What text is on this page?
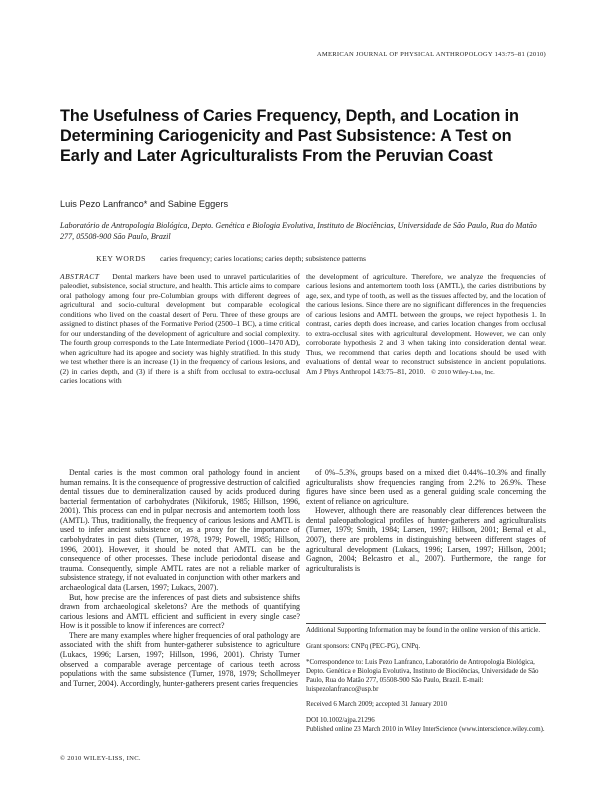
AMERICAN JOURNAL OF PHYSICAL ANTHROPOLOGY 143:75–81 (2010)
The Usefulness of Caries Frequency, Depth, and Location in Determining Cariogenicity and Past Subsistence: A Test on Early and Later Agriculturalists From the Peruvian Coast
Luis Pezo Lanfranco* and Sabine Eggers
Laboratório de Antropologia Biológica, Depto. Genética e Biologia Evolutiva, Instituto de Biociências, Universidade de São Paulo, Rua do Matão 277, 05508-900 São Paulo, Brazil
KEY WORDS caries frequency; caries locations; caries depth; subsistence patterns
ABSTRACT Dental markers have been used to unravel particularities of paleodiet, subsistence, social structure, and health. This article aims to compare oral pathology among four pre-Columbian groups with different degrees of agricultural and socio-cultural development but comparable ecological conditions who lived on the coastal desert of Peru. Three of these groups are assigned to distinct phases of the Formative Period (2500–1 BC), a time critical for our understanding of the development of agriculture and social complexity. The fourth group corresponds to the Late Intermediate Period (1000–1470 AD), when agriculture had its apogee and society was highly stratified. In this study we test whether there is an increase (1) in the frequency of carious lesions, and (2) in caries depth, and (3) if there is a shift from occlusal to extra-occlusal caries locations with
the development of agriculture. Therefore, we analyze the frequencies of carious lesions and antemortem tooth loss (AMTL), the caries distributions by age, sex, and type of tooth, as well as the tissues affected by, and the location of the carious lesions. Since there are no significant differences in the frequencies of carious lesions and AMTL between the groups, we reject hypothesis 1. In contrast, caries depth does increase, and caries location changes from occlusal to extra-occlusal sites with agricultural development. However, we can only corroborate hypothesis 2 and 3 when taking into consideration dental wear. Thus, we recommend that caries depth and locations should be used with evaluations of dental wear to reconstruct subsistence in ancient populations. Am J Phys Anthropol 143:75–81, 2010. © 2010 Wiley-Liss, Inc.

Dental caries is the most common oral pathology found in ancient human remains. It is the consequence of progressive destruction of calcified dental tissues due to demineralization caused by acids produced during bacterial fermentation of carbohydrates (Nikiforuk, 1985; Hillson, 1996, 2001). This process can end in pulpar necrosis and antemortem tooth loss (AMTL). Thus, traditionally, the frequency of carious lesions and AMTL is used to infer ancient subsistence or, as a proxy for the importance of carbohydrates in past diets (Turner, 1978, 1979; Powell, 1985; Hillson, 1996, 2001). However, it should be noted that AMTL can be the consequence of other processes. These include periodontal disease and trauma. Consequently, simple AMTL rates are not a reliable marker of subsistence strategy, if not evaluated in conjunction with other markers and archaeological data (Larsen, 1997; Lukacs, 2007).

But, how precise are the inferences of past diets and subsistence shifts drawn from archaeological skeletons? Are the methods of quantifying carious lesions and AMTL efficient and sufficient in every single case? How is it possible to know if inferences are correct?

There are many examples where higher frequencies of oral pathology are associated with the shift from hunter-gatherer subsistence to agriculture (Lukacs, 1996; Larsen, 1997; Hillson, 1996, 2001). Christy Turner observed a comparable average percentage of carious teeth across populations with the same subsistence (Turner, 1978, 1979; Schollmeyer and Turner, 2004). Accordingly, hunter-gatherers present caries frequencies

of 0%–5.3%, groups based on a mixed diet 0.44%–10.3% and finally agriculturalists show frequencies ranging from 2.2% to 26.9%. These figures have since been used as a general guiding scale concerning the extent of reliance on agriculture.

However, although there are reasonably clear differences between the dental paleopathological profiles of hunter-gatherers and agriculturalists (Turner, 1979; Smith, 1984; Larsen, 1997; Hillson, 2001; Bernal et al., 2007), there are problems in distinguishing between different stages of agricultural development (Lukacs, 1996; Larsen, 1997; Hillson, 2001; Gagnon, 2004; Belcastro et al., 2007). Furthermore, the range for agriculturalists is

Additional Supporting Information may be found in the online version of this article.

Grant sponsors: CNPq (PEC-PG), CNPq.

*Correspondence to: Luis Pezo Lanfranco, Laboratório de Antropologia Biológica, Depto. Genética e Biologia Evolutiva, Instituto de Biociências, Universidade de São Paulo, Rua do Matão 277, 05508-900 São Paulo, Brazil. E-mail: luispezolanfranco@usp.br

Received 6 March 2009; accepted 31 January 2010

DOI 10.1002/ajpa.21296
Published online 23 March 2010 in Wiley InterScience (www.interscience.wiley.com).

© 2010 WILEY-LISS, INC.
